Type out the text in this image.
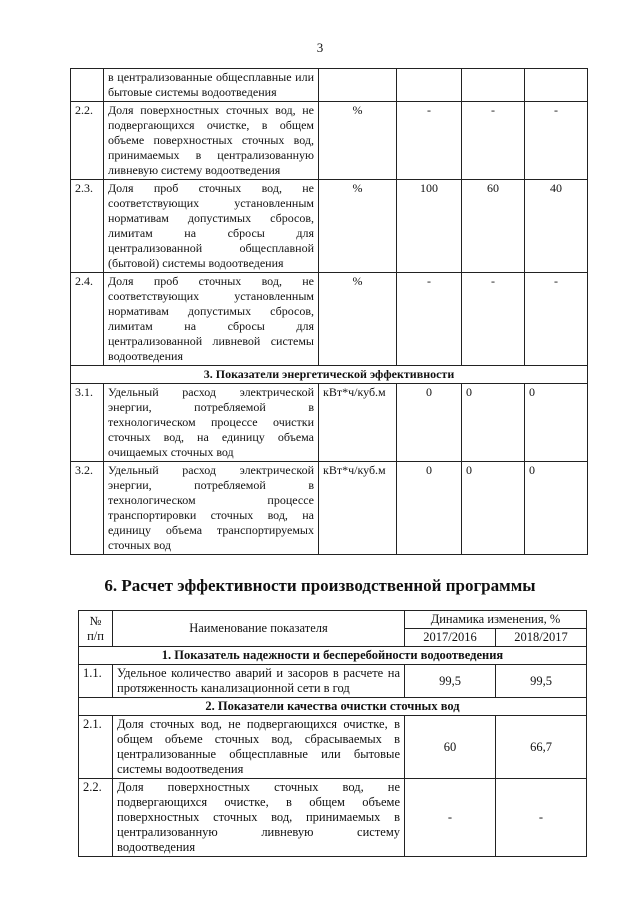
3
	в централизованные общесплавные или бытовые системы водоотведения				
2.2.	Доля поверхностных сточных вод, не подвергающихся очистке, в общем объеме поверхностных сточных вод, принимаемых в централизованную ливневую систему водоотведения	%	-	-	-
2.3.	Доля проб сточных вод, не соответствующих установленным нормативам допустимых сбросов, лимитам на сбросы для централизованной общесплавной (бытовой) системы водоотведения	%	100	60	40
2.4.	Доля проб сточных вод, не соответствующих установленным нормативам допустимых сбросов, лимитам на сбросы для централизованной ливневой системы водоотведения	%	-	-	-
3. Показатели энергетической эффективности					
3.1.	Удельный расход электрической энергии, потребляемой в технологическом процессе очистки сточных вод, на единицу объема очищаемых сточных вод	кВт*ч/куб.м	0	0	0
3.2.	Удельный расход электрической энергии, потребляемой в технологическом процессе транспортировки сточных вод, на единицу объема транспортируемых сточных вод	кВт*ч/куб.м	0	0	0
6. Расчет эффективности производственной программы
№ п/п	Наименование показателя	Динамика изменения, %	
		2017/2016	2018/2017
1. Показатель надежности и бесперебойности водоотведения			
1.1.	Удельное количество аварий и засоров в расчете на протяженность канализационной сети в год	99,5	99,5
2. Показатели качества очистки сточных вод			
2.1.	Доля сточных вод, не подвергающихся очистке, в общем объеме сточных вод, сбрасываемых в централизованные общесплавные или бытовые системы водоотведения	60	66,7
2.2.	Доля поверхностных сточных вод, не подвергающихся очистке, в общем объеме поверхностных сточных вод, принимаемых в централизованную ливневую систему водоотведения	-	-
